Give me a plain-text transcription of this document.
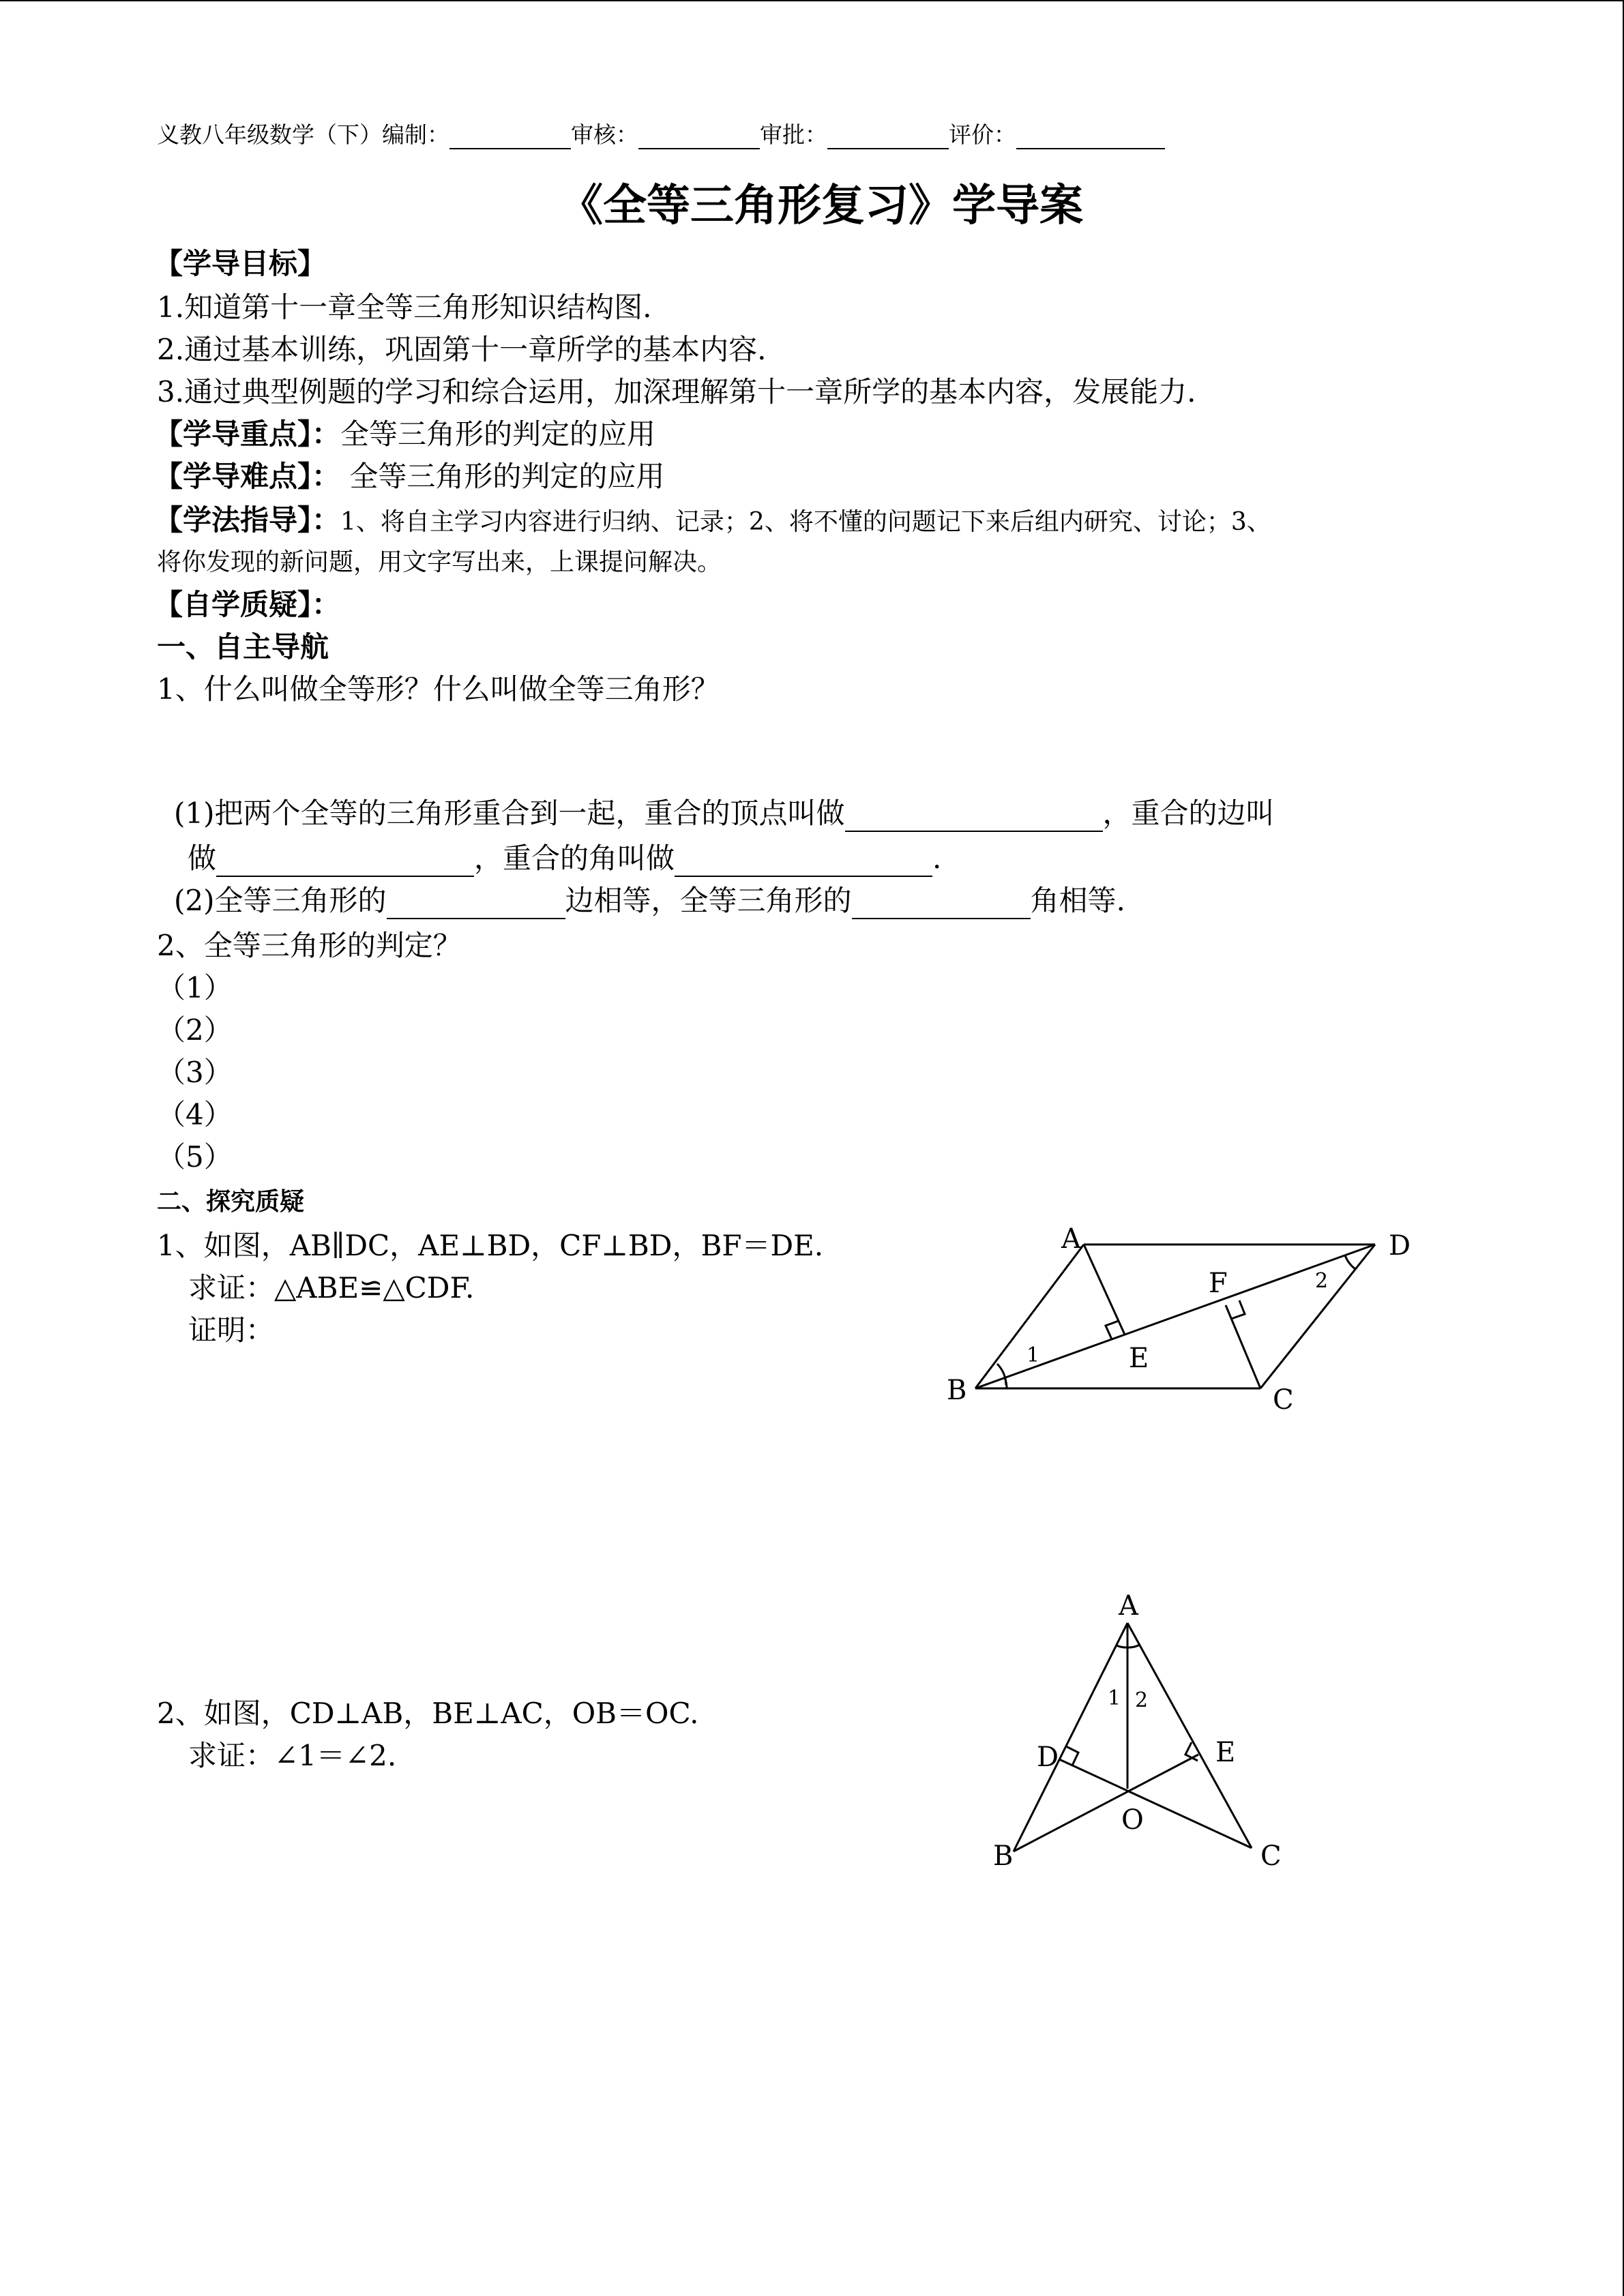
义教八年级数学（下）编制：	审核：	审批：	评价：
《全等三角形复习》学导案
【学导目标】
1.知道第十一章全等三角形知识结构图.
2.通过基本训练，巩固第十一章所学的基本内容.
3.通过典型例题的学习和综合运用，加深理解第十一章所学的基本内容，发展能力.
【学导重点】：全等三角形的判定的应用
【学导难点】： 全等三角形的判定的应用
【学法指导】：1、将自主学习内容进行归纳、记录；2、将不懂的问题记下来后组内研究、讨论；3、
将你发现的新问题，用文字写出来，上课提问解决。
【自学质疑】：
一、自主导航
1、什么叫做全等形？什么叫做全等三角形？
(1)把两个全等的三角形重合到一起，重合的顶点叫做	，重合的边叫
做	，重合的角叫做	.
(2)全等三角形的	边相等，全等三角形的	角相等.
2、全等三角形的判定？
（1）
（2）
（3）
（4）
（5）
二、探究质疑
1、如图，AB∥DC，AE⊥BD，CF⊥BD，BF＝DE.
求证：△ABE≌△CDF.
证明：
2、如图，CD⊥AB，BE⊥AC，OB＝OC.
求证：∠1＝∠2.
A	D
F
E
B	C
1
2
A
D	E
O
B	C
1 2
